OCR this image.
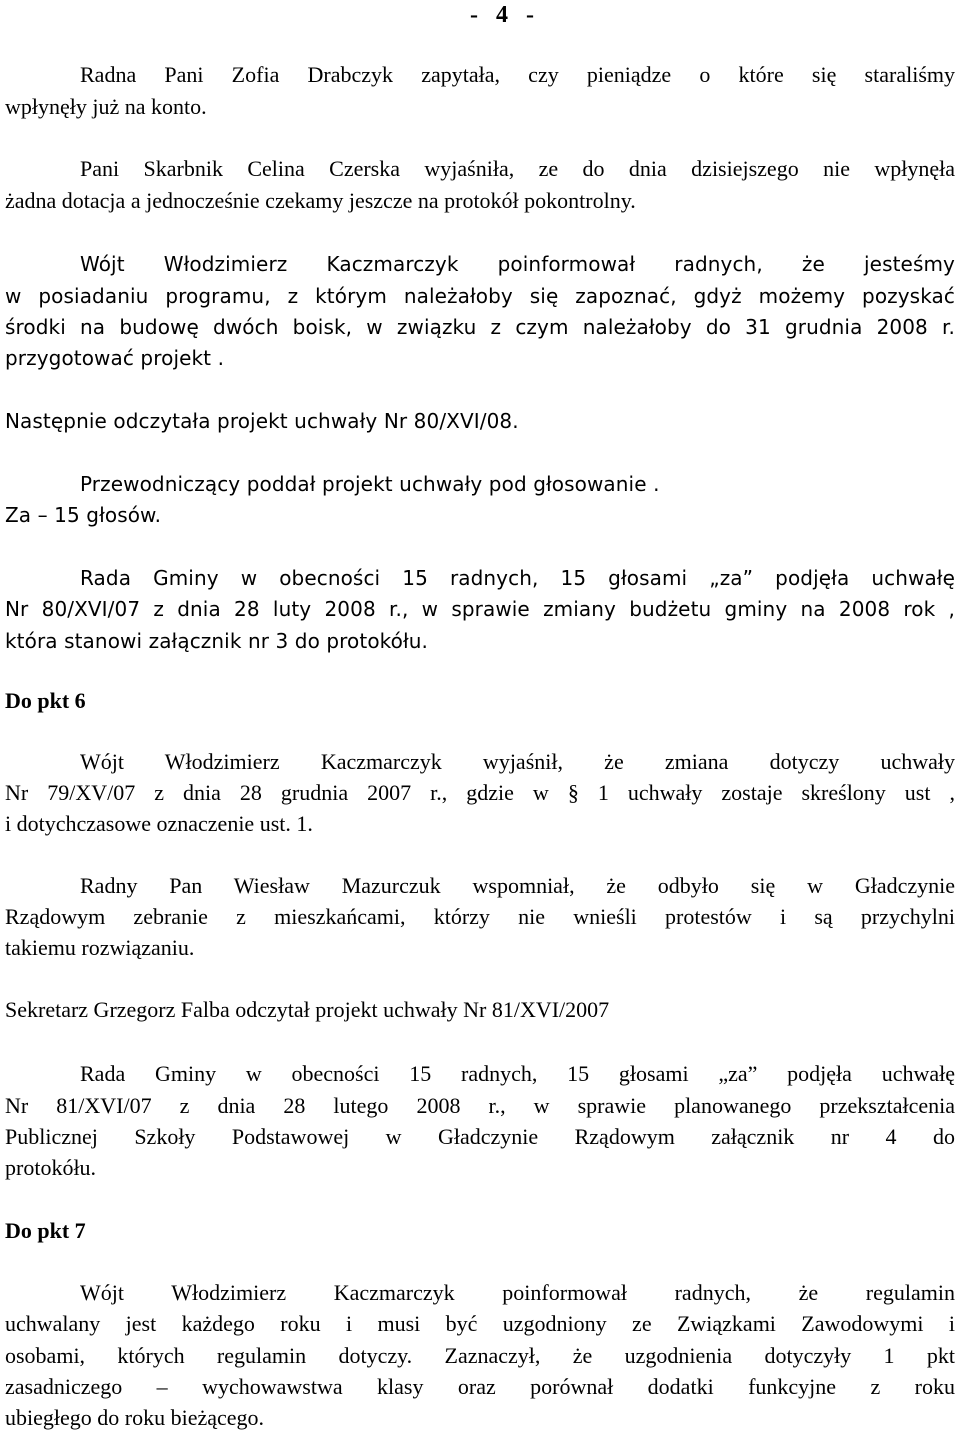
- 4 -
Radna Pani Zofia Drabczyk zapytała, czy pieniądze o które się staraliśmy
wpłynęły już na konto.
Pani Skarbnik Celina Czerska wyjaśniła, ze do dnia dzisiejszego nie wpłynęła
żadna dotacja a jednocześnie czekamy jeszcze na protokół pokontrolny.
Wójt Włodzimierz Kaczmarczyk poinformował radnych, że jesteśmy
w posiadaniu programu, z którym należałoby się zapoznać, gdyż możemy pozyskać
środki na budowę dwóch boisk, w związku z czym należałoby do 31 grudnia 2008 r.
przygotować projekt .
Następnie odczytała projekt uchwały Nr 80/XVI/08.
Przewodniczący poddał projekt uchwały pod głosowanie .
Za – 15 głosów.
Rada Gminy w obecności 15 radnych, 15 głosami „za” podjęła uchwałę
Nr 80/XVI/07 z dnia 28 luty 2008 r., w sprawie zmiany budżetu gminy na 2008 rok ,
która stanowi załącznik nr 3 do protokółu.
Do pkt 6
Wójt Włodzimierz Kaczmarczyk wyjaśnił, że zmiana dotyczy uchwały
Nr 79/XV/07 z dnia 28 grudnia 2007 r., gdzie w § 1 uchwały zostaje skreślony ust ,
i dotychczasowe oznaczenie ust. 1.
Radny Pan Wiesław Mazurczuk wspomniał, że odbyło się w Gładczynie
Rządowym zebranie z mieszkańcami, którzy nie wnieśli protestów i są przychylni
takiemu rozwiązaniu.
Sekretarz Grzegorz Falba odczytał projekt uchwały Nr 81/XVI/2007
Rada Gminy w obecności 15 radnych, 15 głosami „za” podjęła uchwałę
Nr 81/XVI/07 z dnia 28 lutego 2008 r., w sprawie planowanego przekształcenia
Publicznej Szkoły Podstawowej w Gładczynie Rządowym załącznik nr 4 do
protokółu.
Do pkt 7
Wójt Włodzimierz Kaczmarczyk poinformował radnych, że regulamin
uchwalany jest każdego roku i musi być uzgodniony ze Związkami Zawodowymi i
osobami, których regulamin dotyczy. Zaznaczył, że uzgodnienia dotyczyły 1 pkt
zasadniczego – wychowawstwa klasy oraz porównał dodatki funkcyjne z roku
ubiegłego do roku bieżącego.
